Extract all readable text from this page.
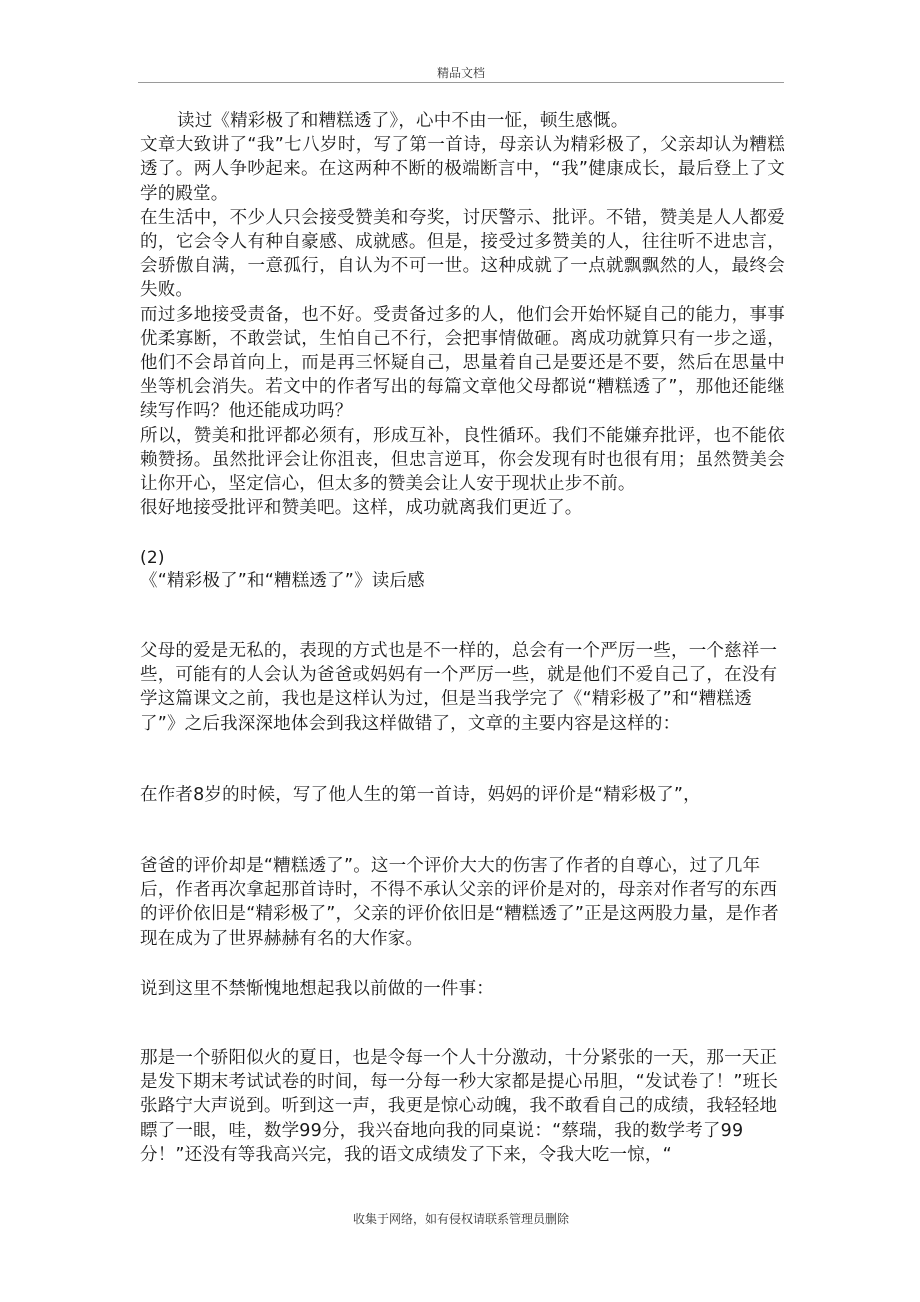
精品文档

读过《精彩极了和糟糕透了》，心中不由一怔，顿生感慨。

文章大致讲了“我”七八岁时，写了第一首诗，母亲认为精彩极了，父亲却认为糟糕透了。两人争吵起来。在这两种不断的极端断言中，“我”健康成长，最后登上了文学的殿堂。

在生活中，不少人只会接受赞美和夸奖，讨厌警示、批评。不错，赞美是人人都爱的，它会令人有种自豪感、成就感。但是，接受过多赞美的人，往往听不进忠言，会骄傲自满，一意孤行，自认为不可一世。这种成就了一点就飘飘然的人，最终会失败。

而过多地接受责备，也不好。受责备过多的人，他们会开始怀疑自己的能力，事事优柔寡断，不敢尝试，生怕自己不行，会把事情做砸。离成功就算只有一步之遥，他们不会昂首向上，而是再三怀疑自己，思量着自己是要还是不要，然后在思量中坐等机会消失。若文中的作者写出的每篇文章他父母都说“糟糕透了”，那他还能继续写作吗？他还能成功吗？

所以，赞美和批评都必须有，形成互补，良性循环。我们不能嫌弃批评，也不能依赖赞扬。虽然批评会让你沮丧，但忠言逆耳，你会发现有时也很有用；虽然赞美会让你开心，坚定信心，但太多的赞美会让人安于现状止步不前。

很好地接受批评和赞美吧。这样，成功就离我们更近了。

(2)
《“精彩极了”和“糟糕透了”》读后感
父母的爱是无私的，表现的方式也是不一样的，总会有一个严厉一些，一个慈祥一些，可能有的人会认为爸爸或妈妈有一个严厉一些，就是他们不爱自己了，在没有学这篇课文之前，我也是这样认为过，但是当我学完了《“精彩极了”和“糟糕透了”》之后我深深地体会到我这样做错了，文章的主要内容是这样的：
在作者8岁的时候，写了他人生的第一首诗，妈妈的评价是“精彩极了”，
爸爸的评价却是“糟糕透了”。这一个评价大大的伤害了作者的自尊心，过了几年后，作者再次拿起那首诗时，不得不承认父亲的评价是对的，母亲对作者写的东西的评价依旧是“精彩极了”，父亲的评价依旧是“糟糕透了”正是这两股力量，是作者现在成为了世界赫赫有名的大作家。
说到这里不禁惭愧地想起我以前做的一件事：
那是一个骄阳似火的夏日，也是令每一个人十分激动，十分紧张的一天，那一天正是发下期末考试试卷的时间，每一分每一秒大家都是提心吊胆，“发试卷了！”班长张路宁大声说到。听到这一声，我更是惊心动魄，我不敢看自己的成绩，我轻轻地瞟了一眼，哇，数学99分，我兴奋地向我的同桌说：“蔡瑞，我的数学考了99分！”还没有等我高兴完，我的语文成绩发了下来，令我大吃一惊，“
收集于网络，如有侵权请联系管理员删除
